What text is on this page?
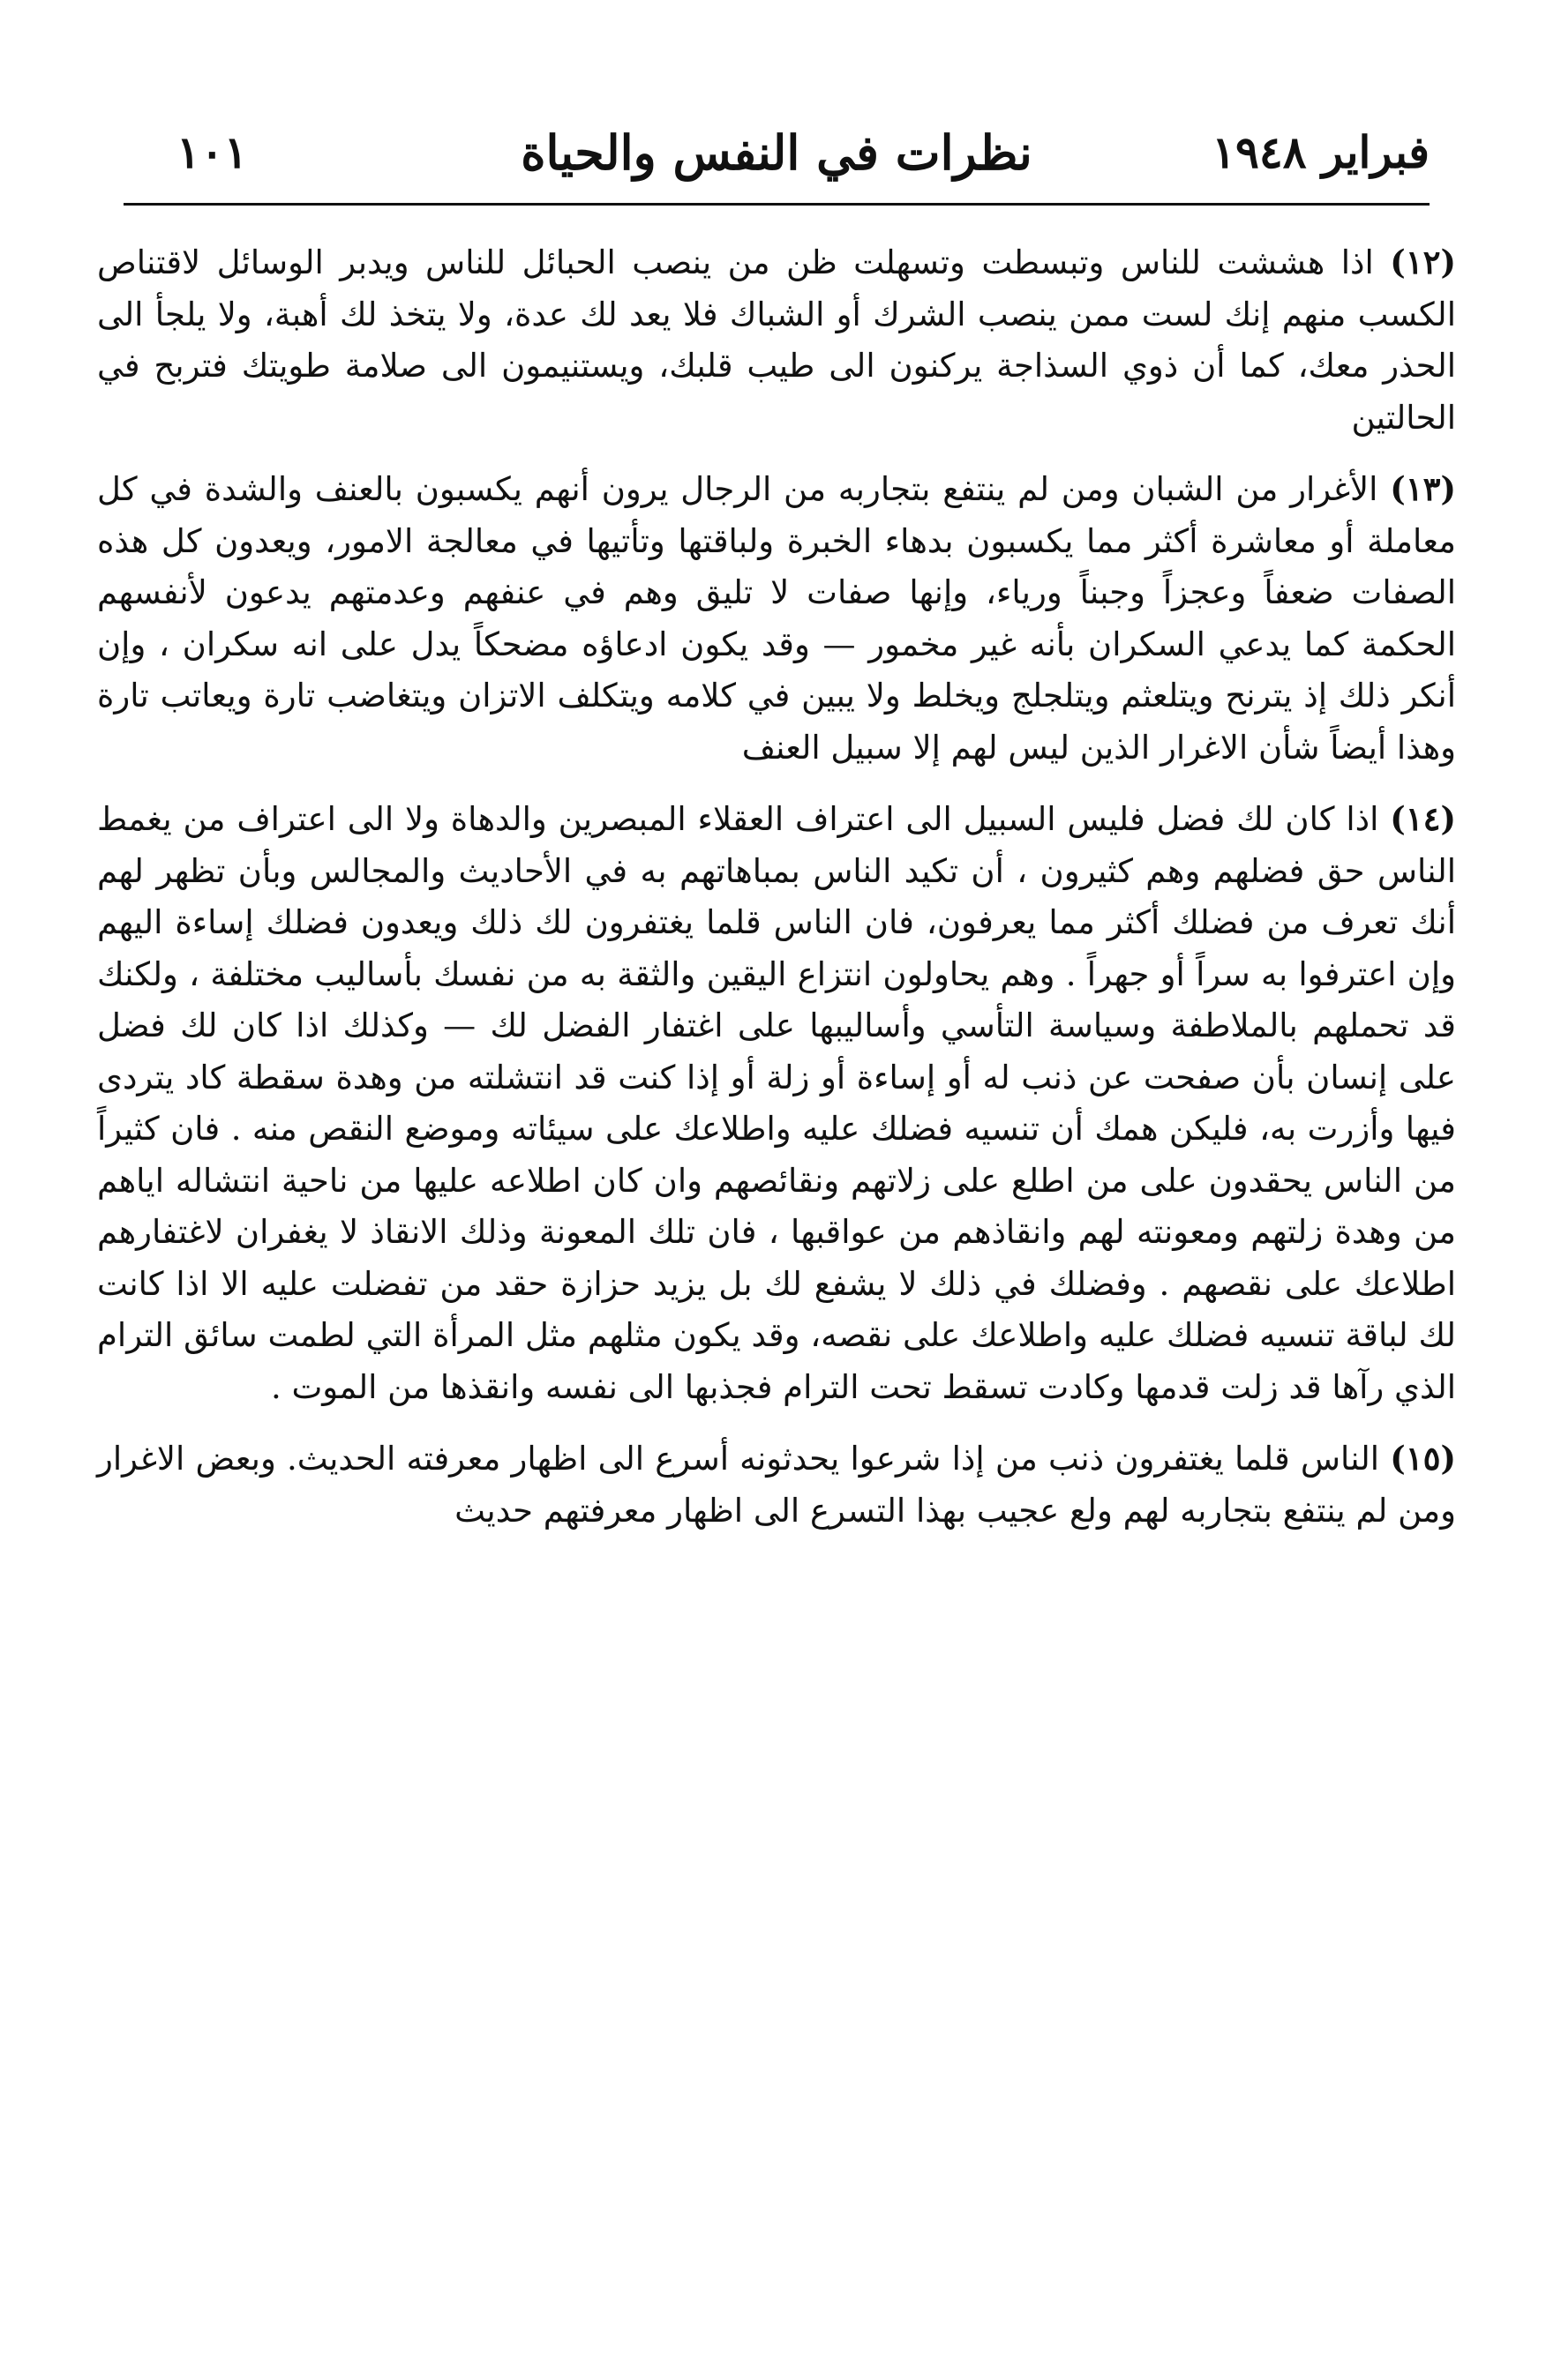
فبراير ١٩٤٨
نظرات في النفس والحياة
١٠١

(١٢) اذا هششت للناس وتبسطت وتسهلت ظن من ينصب الحبائل للناس ويدبر الوسائل لاقتناص الكسب منهم إنك لست ممن ينصب الشرك أو الشباك فلا يعد لك عدة، ولا يتخذ لك أهبة، ولا يلجأ الى الحذر معك، كما أن ذوي السذاجة يركنون الى طيب قلبك، ويستنيمون الى صلامة طويتك فتربح في الحالتين

(١٣) الأغرار من الشبان ومن لم ينتفع بتجاربه من الرجال يرون أنهم يكسبون بالعنف والشدة في كل معاملة أو معاشرة أكثر مما يكسبون بدهاء الخبرة ولباقتها وتأتيها في معالجة الامور، ويعدون كل هذه الصفات ضعفاً وعجزاً وجبناً ورياء، وإنها صفات لا تليق وهم في عنفهم وعدمتهم يدعون لأنفسهم الحكمة كما يدعي السكران بأنه غير مخمور — وقد يكون ادعاؤه مضحكاً يدل على انه سكران ، وإن أنكر ذلك إذ يترنح ويتلعثم ويتلجلج ويخلط ولا يبين في كلامه ويتكلف الاتزان ويتغاضب تارة ويعاتب تارة وهذا أيضاً شأن الاغرار الذين ليس لهم إلا سبيل العنف

(١٤) اذا كان لك فضل فليس السبيل الى اعتراف العقلاء المبصرين والدهاة ولا الى اعتراف من يغمط الناس حق فضلهم وهم كثيرون ، أن تكيد الناس بمباهاتهم به في الأحاديث والمجالس وبأن تظهر لهم أنك تعرف من فضلك أكثر مما يعرفون، فان الناس قلما يغتفرون لك ذلك ويعدون فضلك إساءة اليهم وإن اعترفوا به سراً أو جهراً . وهم يحاولون انتزاع اليقين والثقة به من نفسك بأساليب مختلفة ، ولكنك قد تحملهم بالملاطفة وسياسة التأسي وأساليبها على اغتفار الفضل لك — وكذلك اذا كان لك فضل على إنسان بأن صفحت عن ذنب له أو إساءة أو زلة أو إذا كنت قد انتشلته من وهدة سقطة كاد يتردى فيها وأزرت به، فليكن همك أن تنسيه فضلك عليه واطلاعك على سيئاته وموضع النقص منه . فان كثيراً من الناس يحقدون على من اطلع على زلاتهم ونقائصهم وان كان اطلاعه عليها من ناحية انتشاله اياهم من وهدة زلتهم ومعونته لهم وانقاذهم من عواقبها ، فان تلك المعونة وذلك الانقاذ لا يغفران لاغتفارهم اطلاعك على نقصهم . وفضلك في ذلك لا يشفع لك بل يزيد حزازة حقد من تفضلت عليه الا اذا كانت لك لباقة تنسيه فضلك عليه واطلاعك على نقصه، وقد يكون مثلهم مثل المرأة التي لطمت سائق الترام الذي رآها قد زلت قدمها وكادت تسقط تحت الترام فجذبها الى نفسه وانقذها من الموت .

(١٥) الناس قلما يغتفرون ذنب من إذا شرعوا يحدثونه أسرع الى اظهار معرفته الحديث. وبعض الاغرار ومن لم ينتفع بتجاربه لهم ولع عجيب بهذا التسرع الى اظهار معرفتهم حديث
